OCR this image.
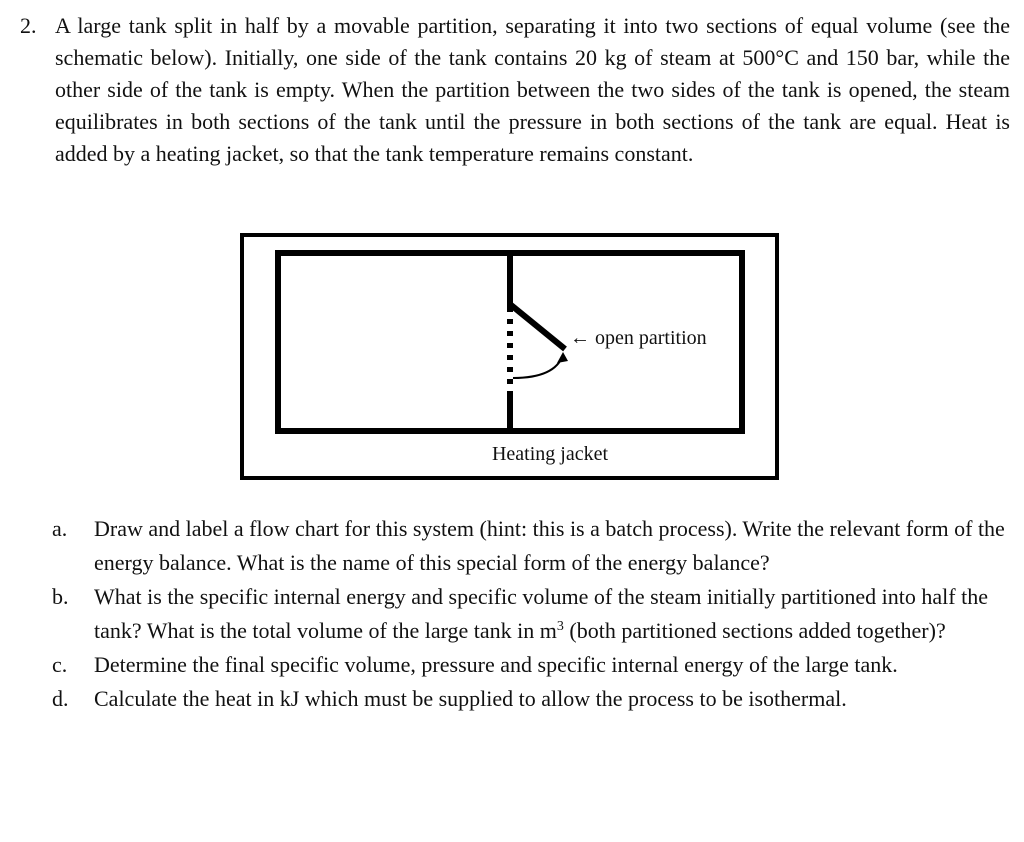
2. A large tank split in half by a movable partition, separating it into two sections of equal volume (see the schematic below). Initially, one side of the tank contains 20 kg of steam at 500°C and 150 bar, while the other side of the tank is empty. When the partition between the two sides of the tank is opened, the steam equilibrates in both sections of the tank until the pressure in both sections of the tank are equal. Heat is added by a heating jacket, so that the tank temperature remains constant.
← open partition
Heating jacket
a.	Draw and label a flow chart for this system (hint: this is a batch process). Write the relevant form of the energy balance. What is the name of this special form of the energy balance?
b.	What is the specific internal energy and specific volume of the steam initially partitioned into half the tank? What is the total volume of the large tank in $m^3$ (both partitioned sections added together)?
c.	Determine the final specific volume, pressure and specific internal energy of the large tank.
d.	Calculate the heat in kJ which must be supplied to allow the process to be isothermal.
